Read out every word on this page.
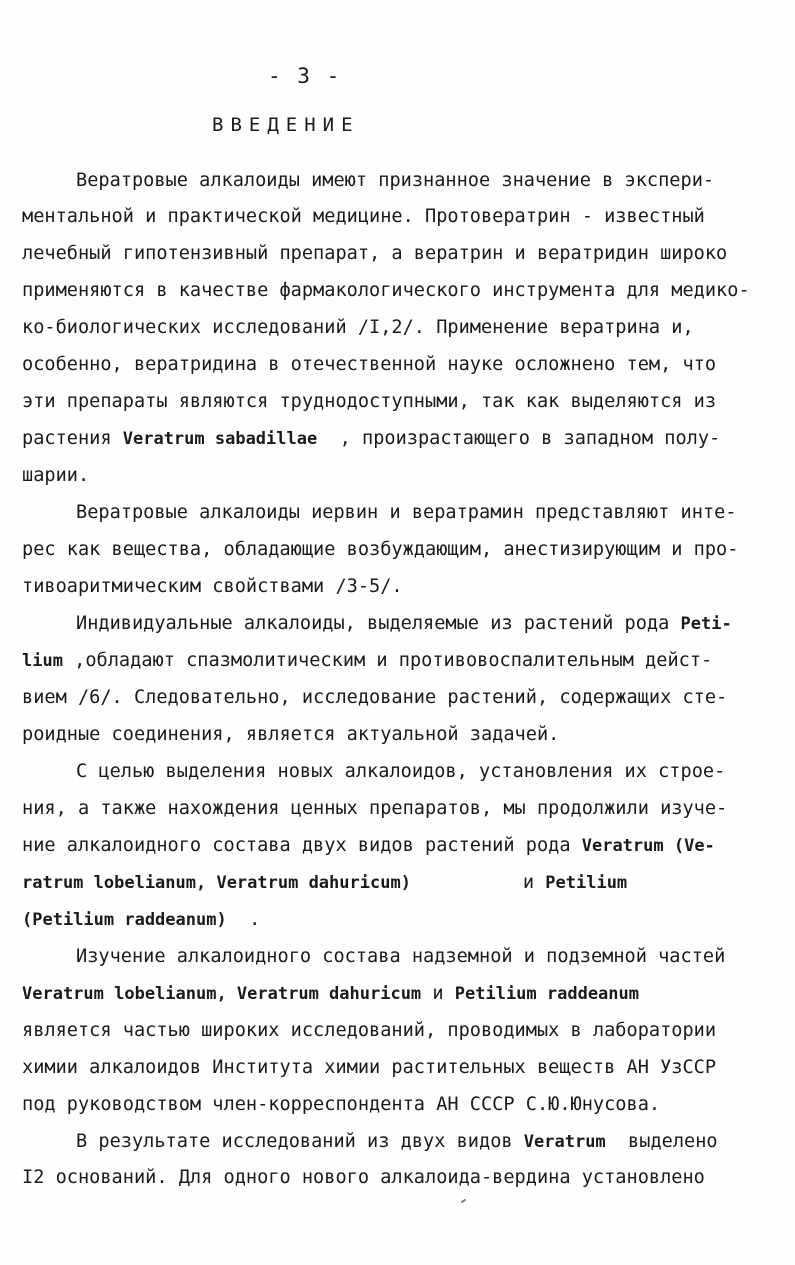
- 3 -
ВВЕДЕНИЕ
Вератровые алкалоиды имеют признанное значение в экспери-
ментальной и практической медицине. Протовератрин - известный
лечебный гипотензивный препарат, а вератрин и вератридин широко
применяются в качестве фармакологического инструмента для медико-
ко-биологических исследований /I,2/. Применение вератрина и,
особенно, вератридина в отечественной науке осложнено тем, что
эти препараты являются труднодоступными, так как выделяются из
растения Veratrum sabadillae  , произрастающего в западном полу-
шарии.
Вератровые алкалоиды иервин и вератрамин представляют инте-
рес как вещества, обладающие возбуждающим, анестизирующим и про-
тивоаритмическим свойствами /3-5/.
Индивидуальные алкалоиды, выделяемые из растений рода Peti-
lium ,обладают спазмолитическим и противовоспалительным дейст-
вием /6/. Следовательно, исследование растений, содержащих сте-
роидные соединения, является актуальной задачей.
С целью выделения новых алкалоидов, установления их строе-
ния, а также нахождения ценных препаратов, мы продолжили изуче-
ние алкалоидного состава двух видов растений рода Veratrum (Ve-
ratrum lobelianum, Veratrum dahuricum)          и Petilium
(Petilium raddeanum)  .
Изучение алкалоидного состава надземной и подземной частей
Veratrum lobelianum, Veratrum dahuricum и Petilium raddeanum
является частью широких исследований, проводимых в лаборатории
химии алкалоидов Института химии растительных веществ АН УзССР
под руководством член-корреспондента АН СССР С.Ю.Юнусова.
В результате исследований из двух видов Veratrum  выделено
I2 оснований. Для одного нового алкалоида-вердина установлено
